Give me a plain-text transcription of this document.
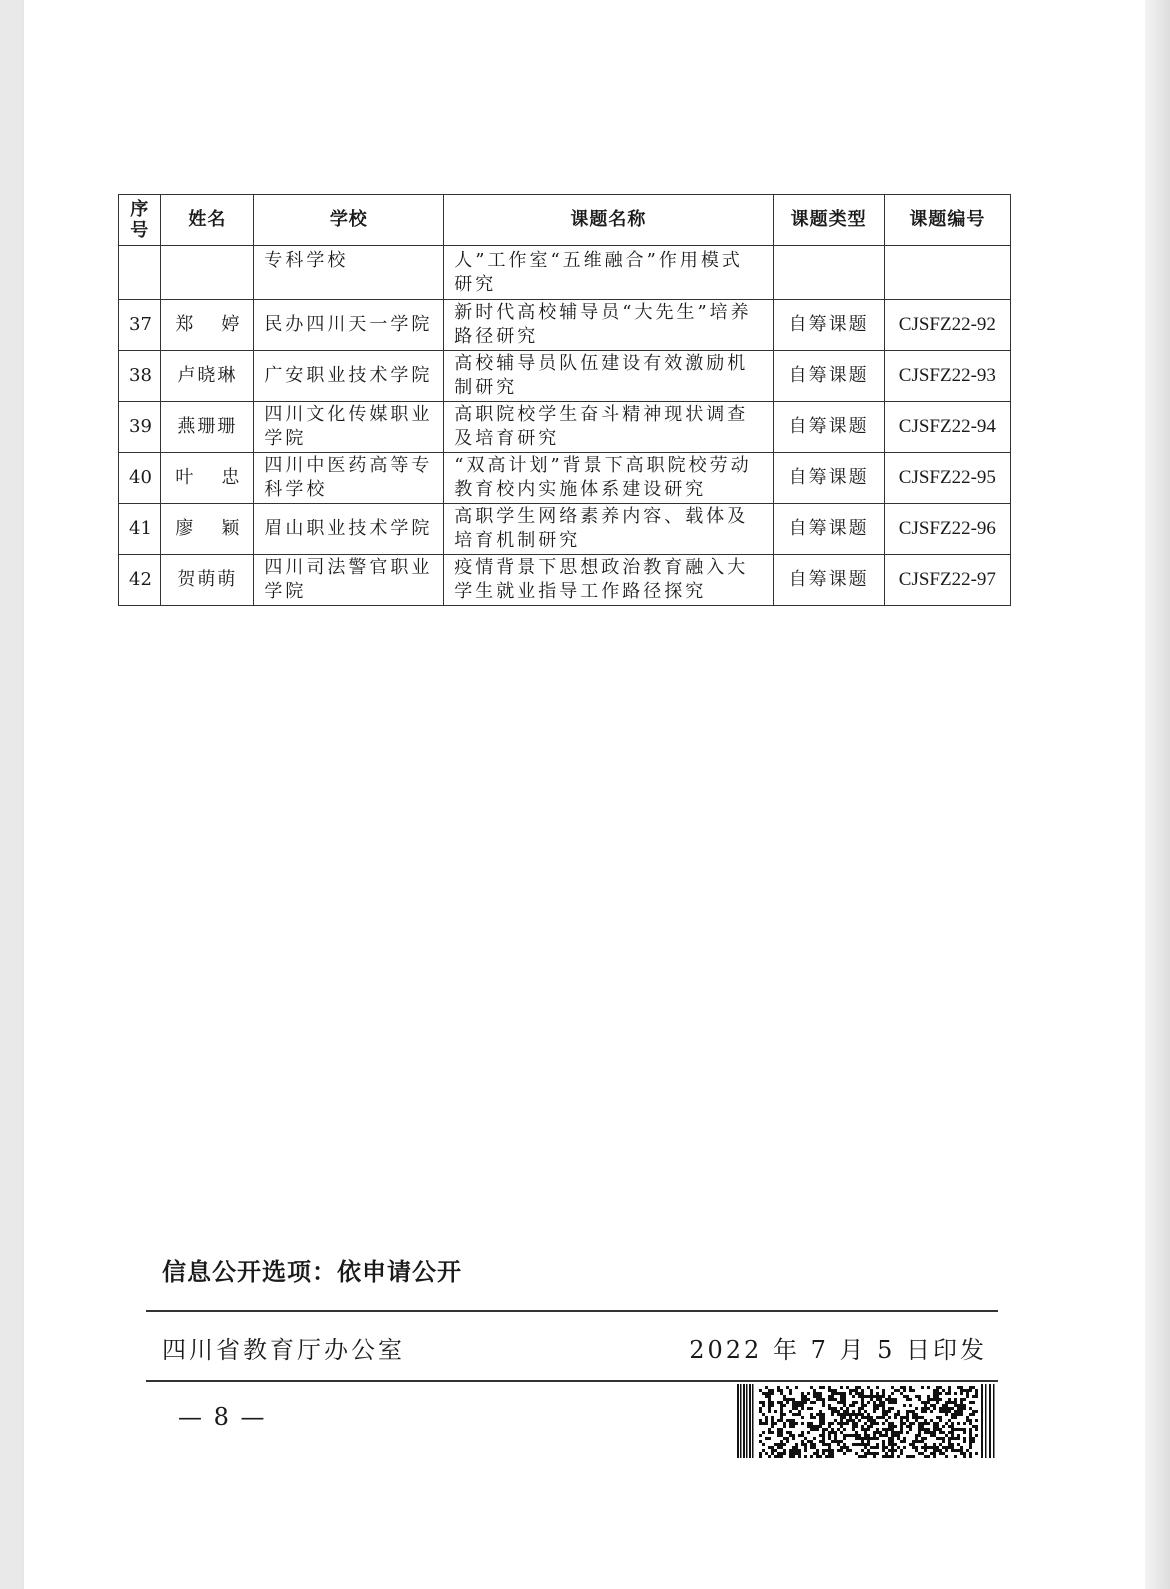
序号	姓名	学校	课题名称	课题类型	课题编号
		专科学校	人”工作室“五维融合”作用模式研究		
37	郑 婷	民办四川天一学院	新时代高校辅导员“大先生”培养路径研究	自筹课题	CJSFZ22-92
38	卢晓琳	广安职业技术学院	高校辅导员队伍建设有效激励机制研究	自筹课题	CJSFZ22-93
39	燕珊珊	四川文化传媒职业学院	高职院校学生奋斗精神现状调查及培育研究	自筹课题	CJSFZ22-94
40	叶 忠	四川中医药高等专科学校	“双高计划”背景下高职院校劳动教育校内实施体系建设研究	自筹课题	CJSFZ22-95
41	廖 颖	眉山职业技术学院	高职学生网络素养内容、载体及培育机制研究	自筹课题	CJSFZ22-96
42	贺萌萌	四川司法警官职业学院	疫情背景下思想政治教育融入大学生就业指导工作路径探究	自筹课题	CJSFZ22-97
信息公开选项：依申请公开
四川省教育厅办公室	2022 年 7 月 5 日印发
— 8 —
